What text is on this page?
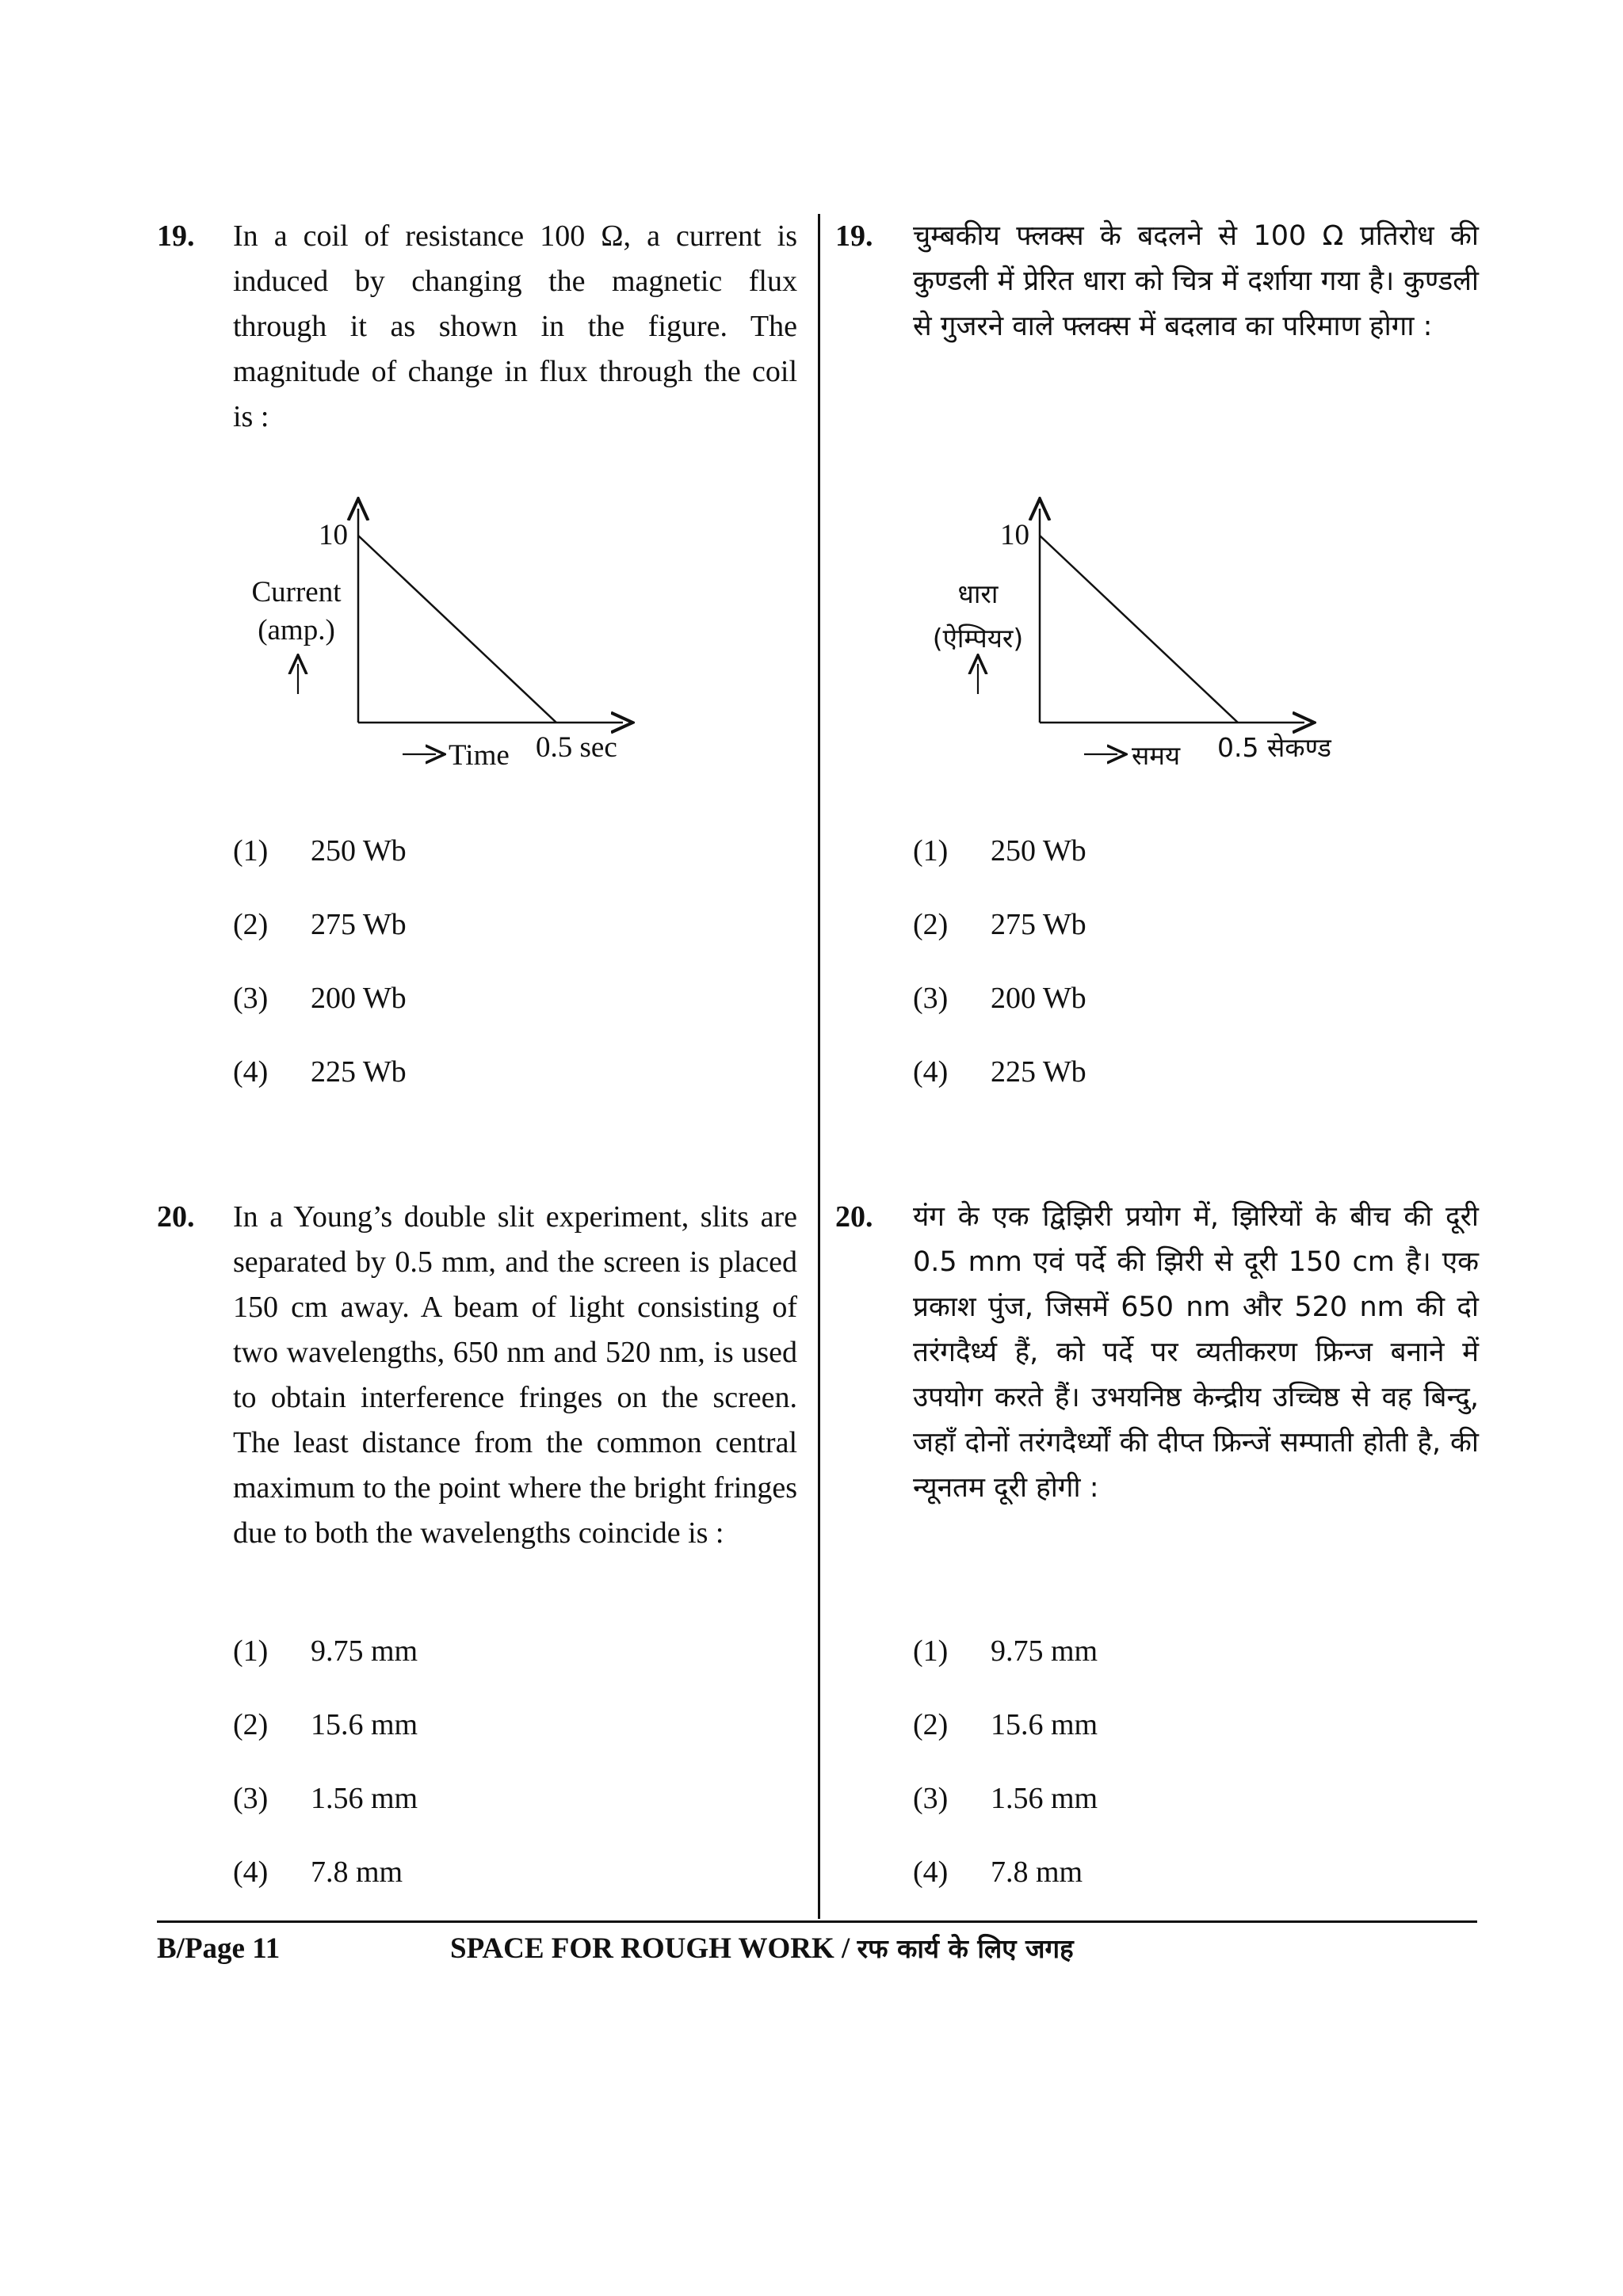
19. In a coil of resistance 100 Ω, a current is induced by changing the magnetic flux through it as shown in the figure. The magnitude of change in flux through the coil is :
10
Current
(amp.)
Time 0.5 sec
(1) 250 Wb
(2) 275 Wb
(3) 200 Wb
(4) 225 Wb
19. चुम्बकीय फ्लक्स के बदलने से 100 Ω प्रतिरोध की कुण्डली में प्रेरित धारा को चित्र में दर्शाया गया है। कुण्डली से गुजरने वाले फ्लक्स में बदलाव का परिमाण होगा :
10
धारा
(ऐम्पियर)
समय 0.5 सेकण्ड
(1) 250 Wb
(2) 275 Wb
(3) 200 Wb
(4) 225 Wb
20. In a Young’s double slit experiment, slits are separated by 0.5 mm, and the screen is placed 150 cm away. A beam of light consisting of two wavelengths, 650 nm and 520 nm, is used to obtain interference fringes on the screen. The least distance from the common central maximum to the point where the bright fringes due to both the wavelengths coincide is :
(1) 9.75 mm
(2) 15.6 mm
(3) 1.56 mm
(4) 7.8 mm
20. यंग के एक द्विझिरी प्रयोग में, झिरियों के बीच की दूरी 0.5 mm एवं पर्दे की झिरी से दूरी 150 cm है। एक प्रकाश पुंज, जिसमें 650 nm और 520 nm की दो तरंगदैर्ध्य हैं, को पर्दे पर व्यतीकरण फ्रिन्ज बनाने में उपयोग करते हैं। उभयनिष्ठ केन्द्रीय उच्चिष्ठ से वह बिन्दु, जहाँ दोनों तरंगदैर्ध्यों की दीप्त फ्रिन्जें सम्पाती होती है, की न्यूनतम दूरी होगी :
(1) 9.75 mm
(2) 15.6 mm
(3) 1.56 mm
(4) 7.8 mm
B/Page 11	SPACE FOR ROUGH WORK / रफ कार्य के लिए जगह
